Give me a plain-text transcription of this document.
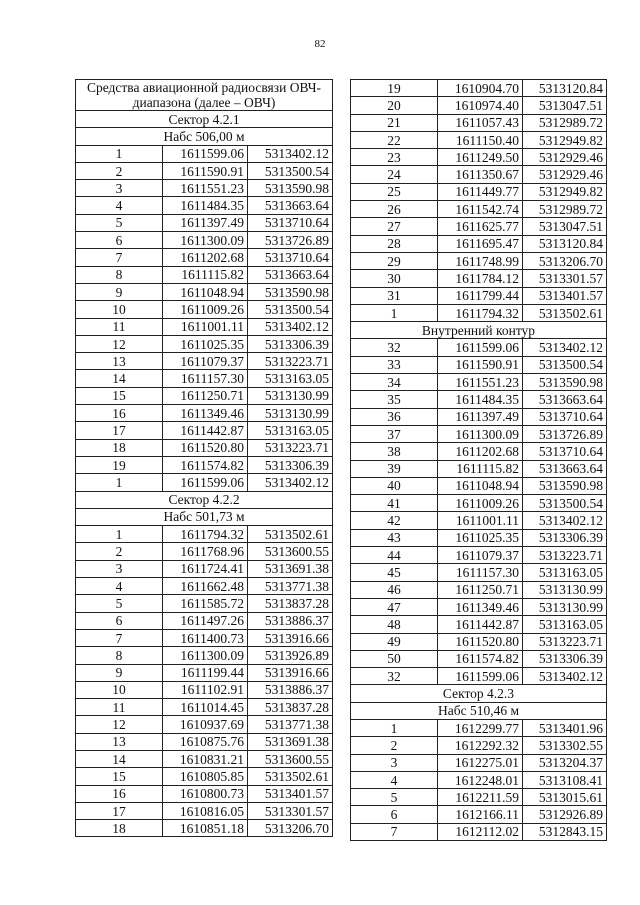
82
Средства авиационной радиосвязи ОВЧ-диапазона (далее – ОВЧ)		
Сектор 4.2.1		
Набс 506,00 м		
1	1611599.06	5313402.12
2	1611590.91	5313500.54
3	1611551.23	5313590.98
4	1611484.35	5313663.64
5	1611397.49	5313710.64
6	1611300.09	5313726.89
7	1611202.68	5313710.64
8	1611115.82	5313663.64
9	1611048.94	5313590.98
10	1611009.26	5313500.54
11	1611001.11	5313402.12
12	1611025.35	5313306.39
13	1611079.37	5313223.71
14	1611157.30	5313163.05
15	1611250.71	5313130.99
16	1611349.46	5313130.99
17	1611442.87	5313163.05
18	1611520.80	5313223.71
19	1611574.82	5313306.39
1	1611599.06	5313402.12
Сектор 4.2.2		
Набс 501,73 м		
1	1611794.32	5313502.61
2	1611768.96	5313600.55
3	1611724.41	5313691.38
4	1611662.48	5313771.38
5	1611585.72	5313837.28
6	1611497.26	5313886.37
7	1611400.73	5313916.66
8	1611300.09	5313926.89
9	1611199.44	5313916.66
10	1611102.91	5313886.37
11	1611014.45	5313837.28
12	1610937.69	5313771.38
13	1610875.76	5313691.38
14	1610831.21	5313600.55
15	1610805.85	5313502.61
16	1610800.73	5313401.57
17	1610816.05	5313301.57
18	1610851.18	5313206.70
19	1610904.70	5313120.84
20	1610974.40	5313047.51
21	1611057.43	5312989.72
22	1611150.40	5312949.82
23	1611249.50	5312929.46
24	1611350.67	5312929.46
25	1611449.77	5312949.82
26	1611542.74	5312989.72
27	1611625.77	5313047.51
28	1611695.47	5313120.84
29	1611748.99	5313206.70
30	1611784.12	5313301.57
31	1611799.44	5313401.57
1	1611794.32	5313502.61
Внутренний контур		
32	1611599.06	5313402.12
33	1611590.91	5313500.54
34	1611551.23	5313590.98
35	1611484.35	5313663.64
36	1611397.49	5313710.64
37	1611300.09	5313726.89
38	1611202.68	5313710.64
39	1611115.82	5313663.64
40	1611048.94	5313590.98
41	1611009.26	5313500.54
42	1611001.11	5313402.12
43	1611025.35	5313306.39
44	1611079.37	5313223.71
45	1611157.30	5313163.05
46	1611250.71	5313130.99
47	1611349.46	5313130.99
48	1611442.87	5313163.05
49	1611520.80	5313223.71
50	1611574.82	5313306.39
32	1611599.06	5313402.12
Сектор 4.2.3		
Набс 510,46 м		
1	1612299.77	5313401.96
2	1612292.32	5313302.55
3	1612275.01	5313204.37
4	1612248.01	5313108.41
5	1612211.59	5313015.61
6	1612166.11	5312926.89
7	1612112.02	5312843.15
